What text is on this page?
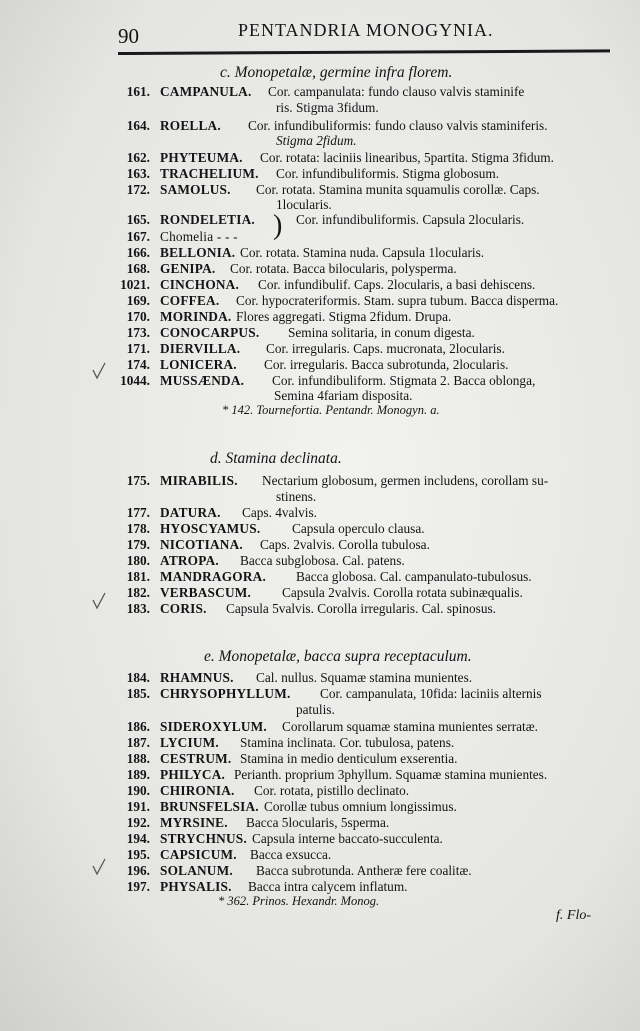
90	PENTANDRIA MONOGYNIA.
c. Monopetalæ, germine infra florem.
161. CAMPANULA. Cor. campanulata: fundo clauso valvis staminife
ris. Stigma 3fidum.
164. ROELLA. Cor. infundibuliformis: fundo clauso valvis staminiferis.
Stigma 2fidum.
162. PHYTEUMA. Cor. rotata: laciniis linearibus, 5partita. Stigma 3fidum.
163. TRACHELIUM. Cor. infundibuliformis. Stigma globosum.
172. SAMOLUS. Cor. rotata. Stamina munita squamulis corollæ. Caps.
1locularis.
165. RONDELETIA.	Cor. infundibuliformis. Capsula 2locularis.
167. Chomelia - - - )
166. BELLONIA. Cor. rotata. Stamina nuda. Capsula 1locularis.
168. GENIPA. Cor. rotata. Bacca bilocularis, polysperma.
1021. CINCHONA. Cor. infundibulif. Caps. 2locularis, a basi dehiscens.
169. COFFEA. Cor. hypocrateriformis. Stam. supra tubum. Bacca disperma.
170. MORINDA. Flores aggregati. Stigma 2fidum. Drupa.
173. CONOCARPUS. Semina solitaria, in conum digesta.
171. DIERVILLA. Cor. irregularis. Caps. mucronata, 2locularis.
174. LONICERA. Cor. irregularis. Bacca subrotunda, 2locularis.
1044. MUSSÆNDA. Cor. infundibuliform. Stigmata 2. Bacca oblonga,
Semina 4fariam disposita.
* 142. Tournefortia. Pentandr. Monogyn. a.
d. Stamina declinata.
175. MIRABILIS. Nectarium globosum, germen includens, corollam su-
stinens.
177. DATURA. Caps. 4valvis.
178. HYOSCYAMUS. Capsula operculo clausa.
179. NICOTIANA. Caps. 2valvis. Corolla tubulosa.
180. ATROPA. Bacca subglobosa. Cal. patens.
181. MANDRAGORA. Bacca globosa. Cal. campanulato-tubulosus.
182. VERBASCUM. Capsula 2valvis. Corolla rotata subinæqualis.
183. CORIS. Capsula 5valvis. Corolla irregularis. Cal. spinosus.
e. Monopetalæ, bacca supra receptaculum.
184. RHAMNUS. Cal. nullus. Squamæ stamina munientes.
185. CHRYSOPHYLLUM. Cor. campanulata, 10fida: laciniis alternis
patulis.
186. SIDEROXYLUM. Corollarum squamæ stamina munientes serratæ.
187. LYCIUM. Stamina inclinata. Cor. tubulosa, patens.
188. CESTRUM. Stamina in medio denticulum exserentia.
189. PHILYCA. Perianth. proprium 3phyllum. Squamæ stamina munientes.
190. CHIRONIA. Cor. rotata, pistillo declinato.
191. BRUNSFELSIA. Corollæ tubus omnium longissimus.
192. MYRSINE. Bacca 5locularis, 5sperma.
194. STRYCHNUS. Capsula interne baccato-succulenta.
195. CAPSICUM. Bacca exsucca.
196. SOLANUM. Bacca subrotunda. Antheræ fere coalitæ.
197. PHYSALIS. Bacca intra calycem inflatum.
* 362. Prinos. Hexandr. Monog.
f. Flo-
